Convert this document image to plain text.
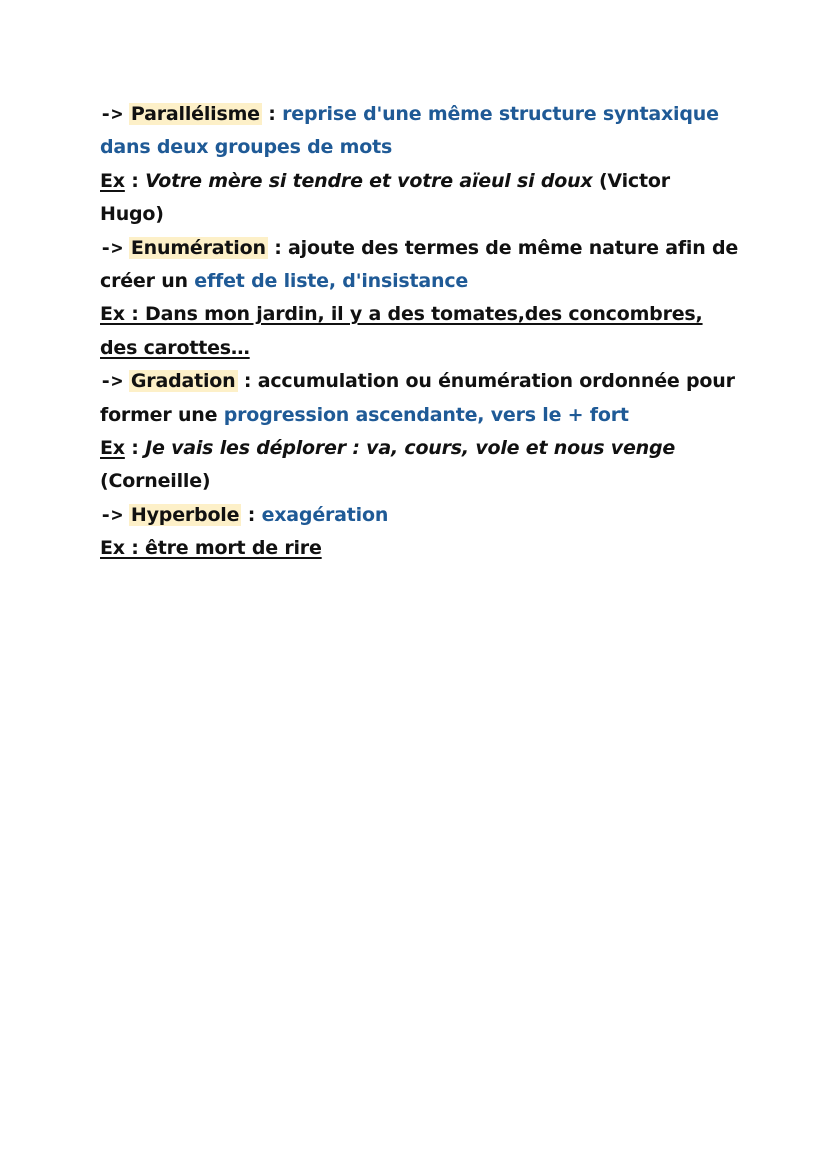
-> Parallélisme : reprise d'une même structure syntaxique
dans deux groupes de mots
Ex : Votre mère si tendre et votre aïeul si doux (Victor
Hugo)
-> Enumération : ajoute des termes de même nature afin de
créer un effet de liste, d'insistance
Ex : Dans mon jardin, il y a des tomates,des concombres,
des carottes…
-> Gradation : accumulation ou énumération ordonnée pour
former une progression ascendante, vers le + fort
Ex : Je vais les déplorer : va, cours, vole et nous venge
(Corneille)
-> Hyperbole : exagération
Ex : être mort de rire
